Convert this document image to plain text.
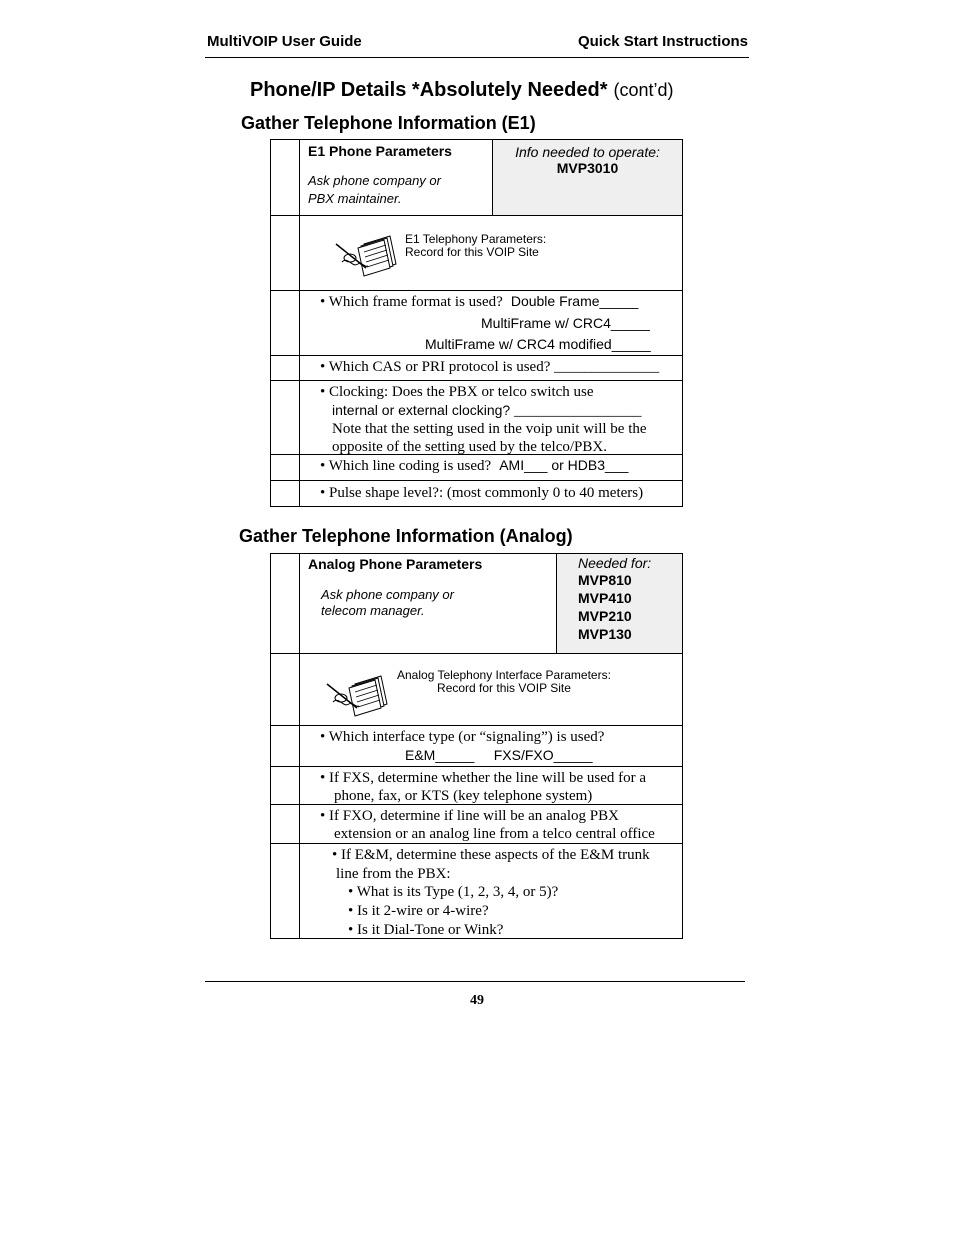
MultiVOIP User Guide	Quick Start Instructions
Phone/IP Details *Absolutely Needed* (cont’d)
Gather Telephone Information (E1)
E1 Phone Parameters
Ask phone company or
PBX maintainer.
Info needed to operate:
MVP3010
E1 Telephony Parameters:
Record for this VOIP Site
• Which frame format is used? Double Frame_____
MultiFrame w/ CRC4_____
MultiFrame w/ CRC4 modified_____
• Which CAS or PRI protocol is used? ______________
• Clocking: Does the PBX or telco switch use
internal or external clocking? _________________
Note that the setting used in the voip unit will be the
opposite of the setting used by the telco/PBX.
• Which line coding is used? AMI___ or HDB3___
• Pulse shape level?: (most commonly 0 to 40 meters)
Gather Telephone Information (Analog)
Analog Phone Parameters
Ask phone company or
telecom manager.
Needed for:
MVP810
MVP410
MVP210
MVP130
Analog Telephony Interface Parameters:
Record for this VOIP Site
• Which interface type (or “signaling”) is used?
E&M_____     FXS/FXO_____
• If FXS, determine whether the line will be used for a
phone, fax, or KTS (key telephone system)
• If FXO, determine if line will be an analog PBX
extension or an analog line from a telco central office
• If E&M, determine these aspects of the E&M trunk
line from the PBX:
• What is its Type (1, 2, 3, 4, or 5)?
• Is it 2-wire or 4-wire?
• Is it Dial-Tone or Wink?
49
